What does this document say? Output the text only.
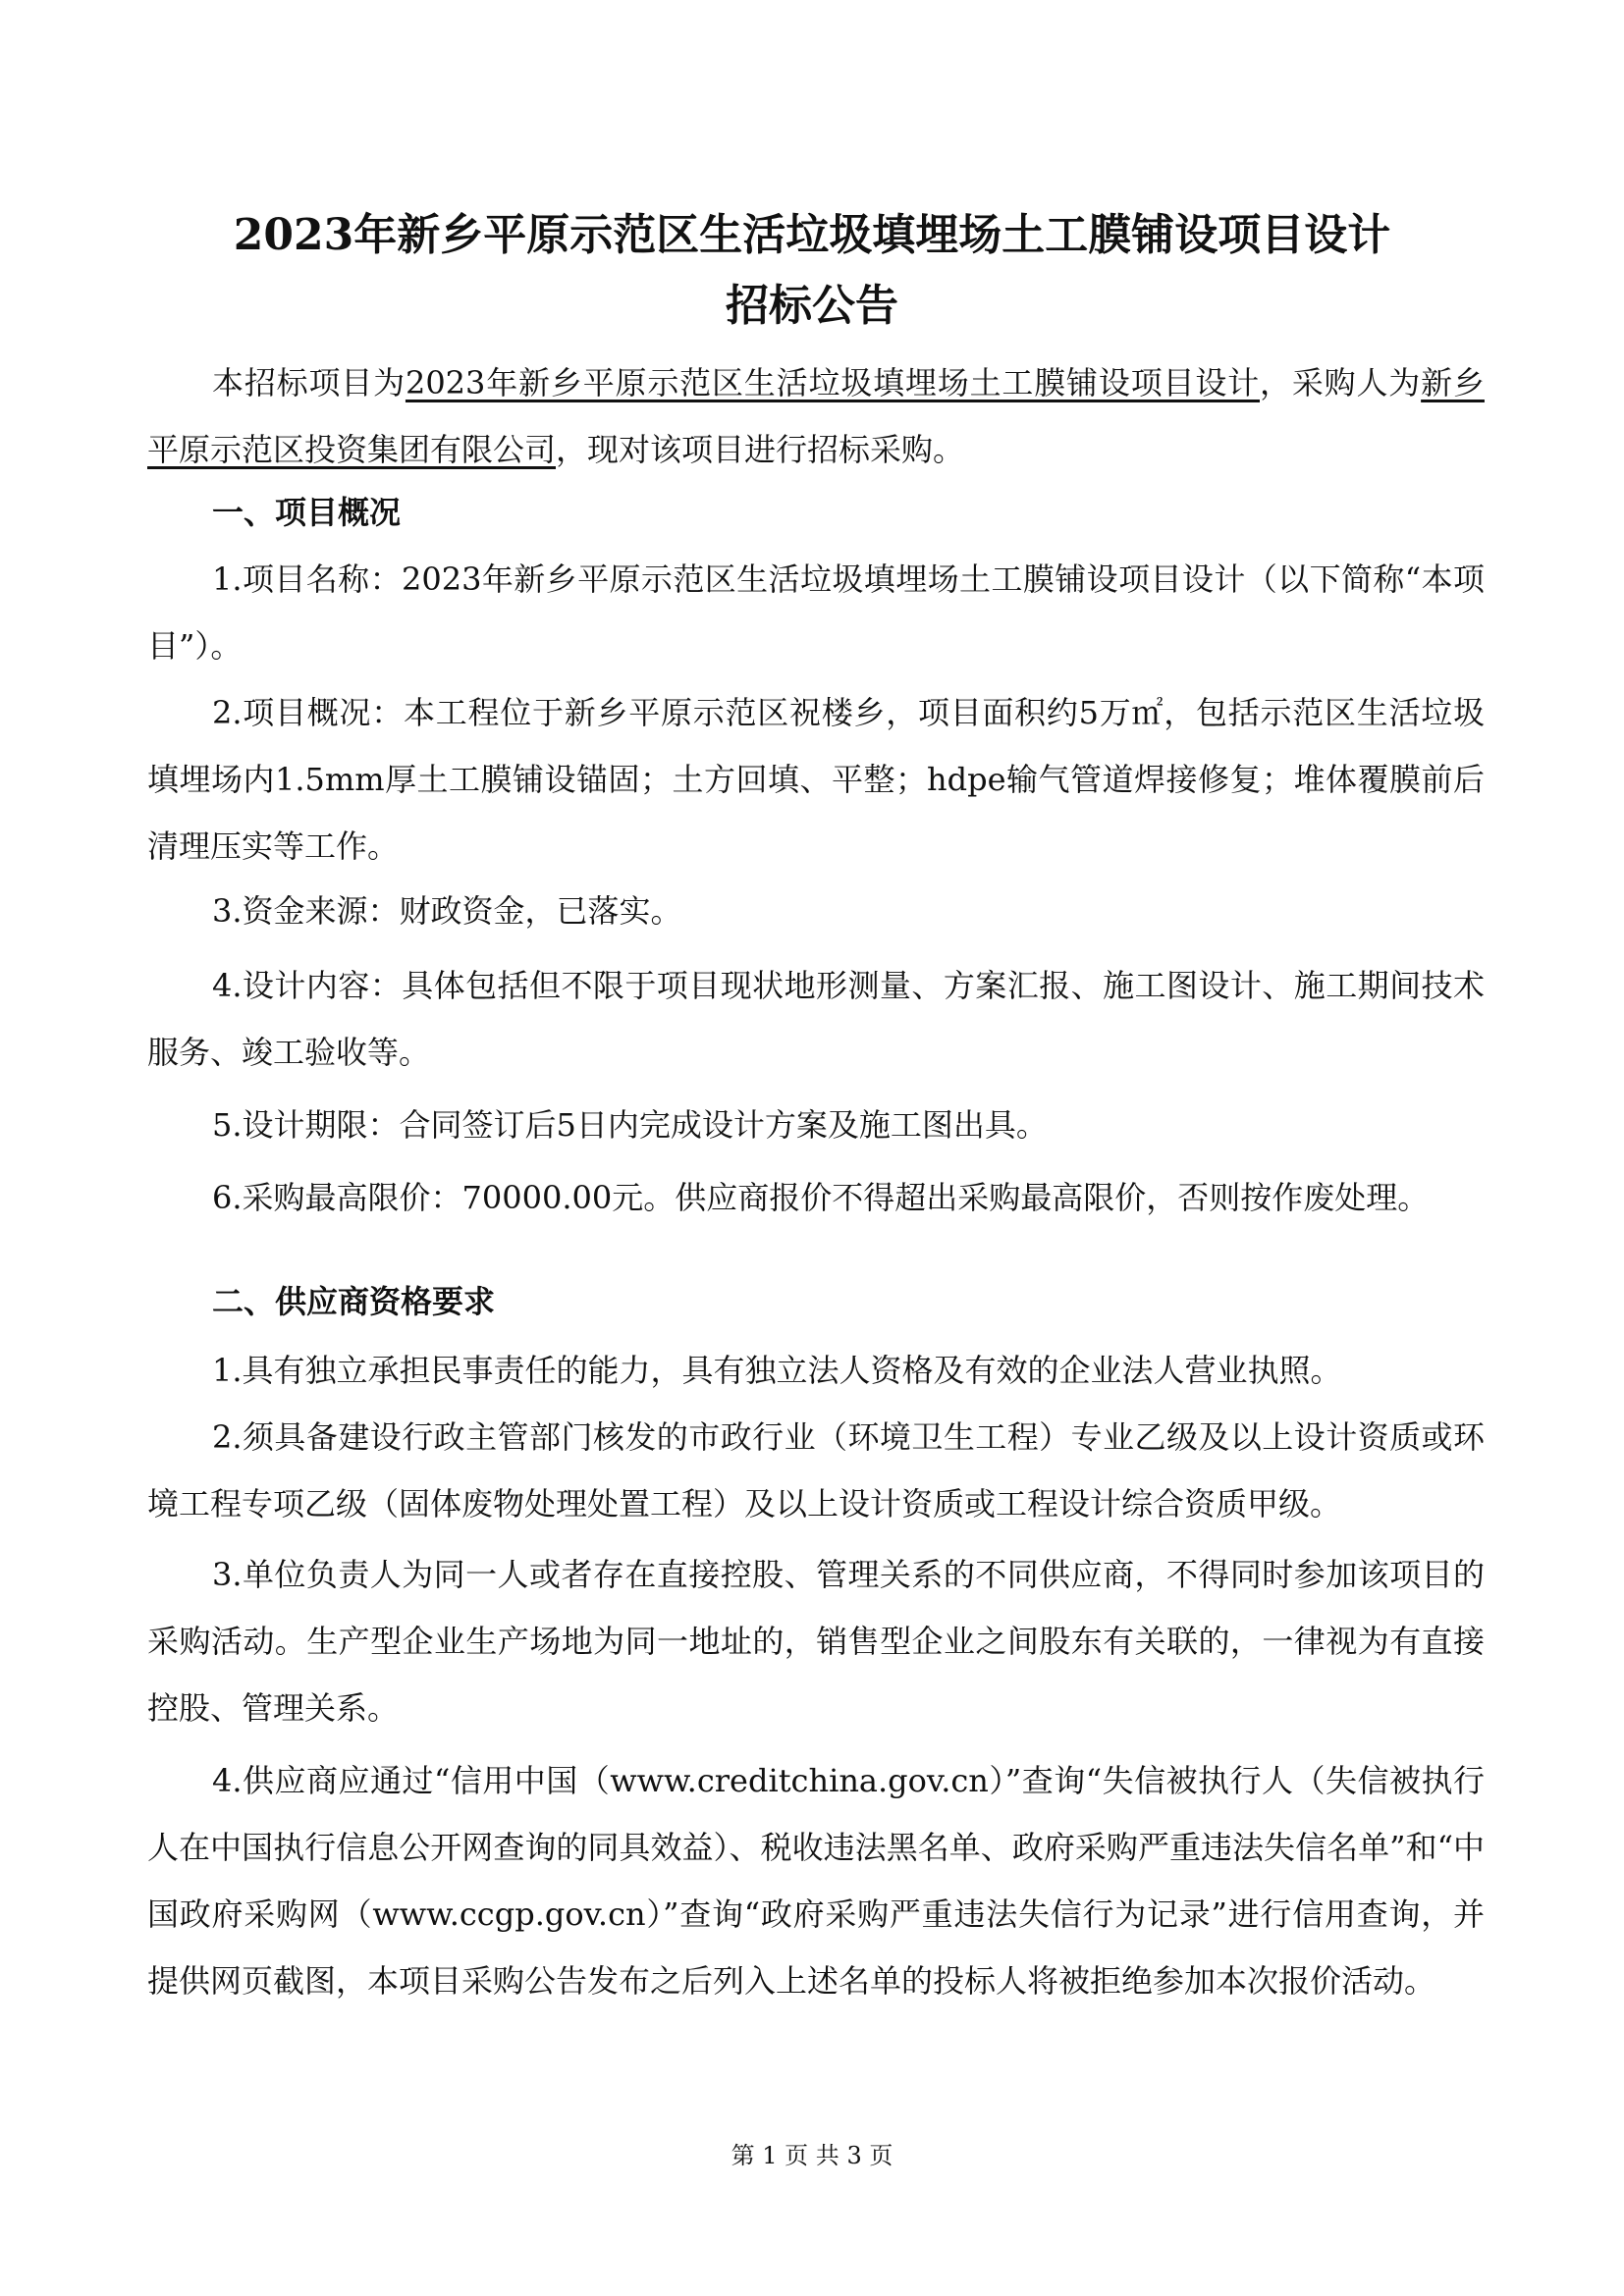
2023年新乡平原示范区生活垃圾填埋场土工膜铺设项目设计
招标公告

本招标项目为2023年新乡平原示范区生活垃圾填埋场土工膜铺设项目设计，采购人为新乡平原示范区投资集团有限公司，现对该项目进行招标采购。

一、项目概况

1.项目名称：2023年新乡平原示范区生活垃圾填埋场土工膜铺设项目设计（以下简称“本项目”）。

2.项目概况：本工程位于新乡平原示范区祝楼乡，项目面积约5万㎡，包括示范区生活垃圾填埋场内1.5mm厚土工膜铺设锚固；土方回填、平整；hdpe输气管道焊接修复；堆体覆膜前后清理压实等工作。

3.资金来源：财政资金，已落实。

4.设计内容：具体包括但不限于项目现状地形测量、方案汇报、施工图设计、施工期间技术服务、竣工验收等。

5.设计期限：合同签订后5日内完成设计方案及施工图出具。

6.采购最高限价：70000.00元。供应商报价不得超出采购最高限价，否则按作废处理。

二、供应商资格要求

1.具有独立承担民事责任的能力，具有独立法人资格及有效的企业法人营业执照。

2.须具备建设行政主管部门核发的市政行业（环境卫生工程）专业乙级及以上设计资质或环境工程专项乙级（固体废物处理处置工程）及以上设计资质或工程设计综合资质甲级。

3.单位负责人为同一人或者存在直接控股、管理关系的不同供应商，不得同时参加该项目的采购活动。生产型企业生产场地为同一地址的，销售型企业之间股东有关联的，一律视为有直接控股、管理关系。

4.供应商应通过“信用中国（www.creditchina.gov.cn）”查询“失信被执行人（失信被执行人在中国执行信息公开网查询的同具效益）、税收违法黑名单、政府采购严重违法失信名单”和“中国政府采购网（www.ccgp.gov.cn）”查询“政府采购严重违法失信行为记录”进行信用查询，并提供网页截图，本项目采购公告发布之后列入上述名单的投标人将被拒绝参加本次报价活动。

第 1 页 共 3 页
